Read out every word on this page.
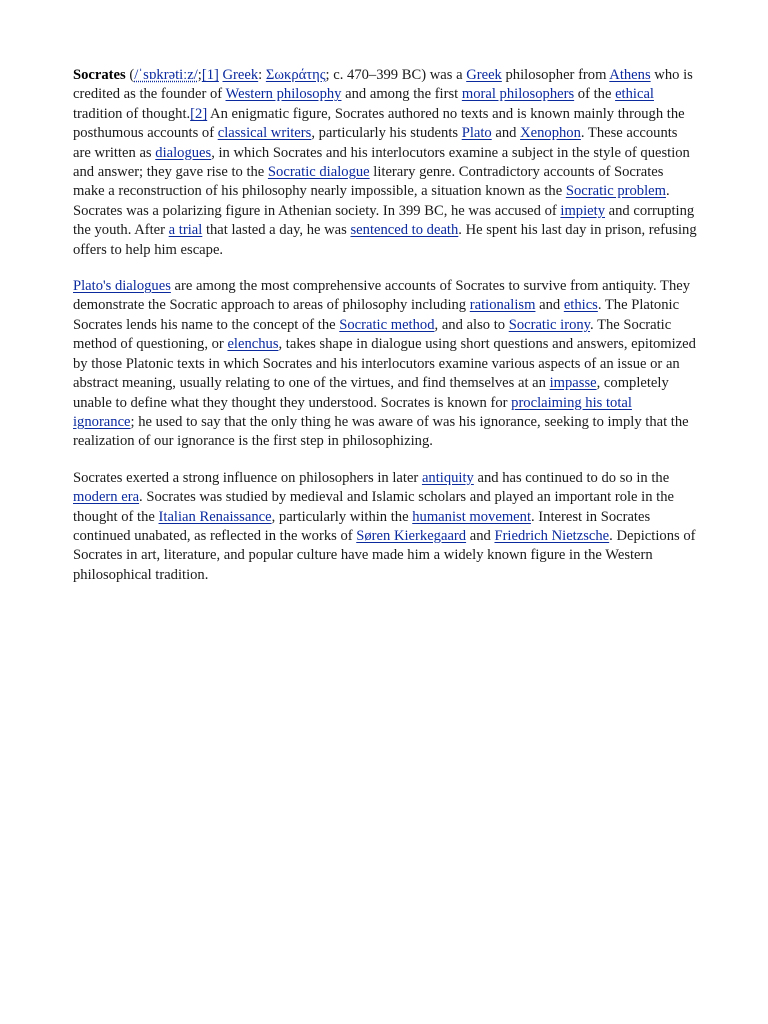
Socrates (/ˈsɒkrətiːz/;[1] Greek: Σωκράτης; c. 470–399 BC) was a Greek philosopher from Athens who is credited as the founder of Western philosophy and among the first moral philosophers of the ethical tradition of thought.[2] An enigmatic figure, Socrates authored no texts and is known mainly through the posthumous accounts of classical writers, particularly his students Plato and Xenophon. These accounts are written as dialogues, in which Socrates and his interlocutors examine a subject in the style of question and answer; they gave rise to the Socratic dialogue literary genre. Contradictory accounts of Socrates make a reconstruction of his philosophy nearly impossible, a situation known as the Socratic problem. Socrates was a polarizing figure in Athenian society. In 399 BC, he was accused of impiety and corrupting the youth. After a trial that lasted a day, he was sentenced to death. He spent his last day in prison, refusing offers to help him escape.

Plato's dialogues are among the most comprehensive accounts of Socrates to survive from antiquity. They demonstrate the Socratic approach to areas of philosophy including rationalism and ethics. The Platonic Socrates lends his name to the concept of the Socratic method, and also to Socratic irony. The Socratic method of questioning, or elenchus, takes shape in dialogue using short questions and answers, epitomized by those Platonic texts in which Socrates and his interlocutors examine various aspects of an issue or an abstract meaning, usually relating to one of the virtues, and find themselves at an impasse, completely unable to define what they thought they understood. Socrates is known for proclaiming his total ignorance; he used to say that the only thing he was aware of was his ignorance, seeking to imply that the realization of our ignorance is the first step in philosophizing.

Socrates exerted a strong influence on philosophers in later antiquity and has continued to do so in the modern era. Socrates was studied by medieval and Islamic scholars and played an important role in the thought of the Italian Renaissance, particularly within the humanist movement. Interest in Socrates continued unabated, as reflected in the works of Søren Kierkegaard and Friedrich Nietzsche. Depictions of Socrates in art, literature, and popular culture have made him a widely known figure in the Western philosophical tradition.
